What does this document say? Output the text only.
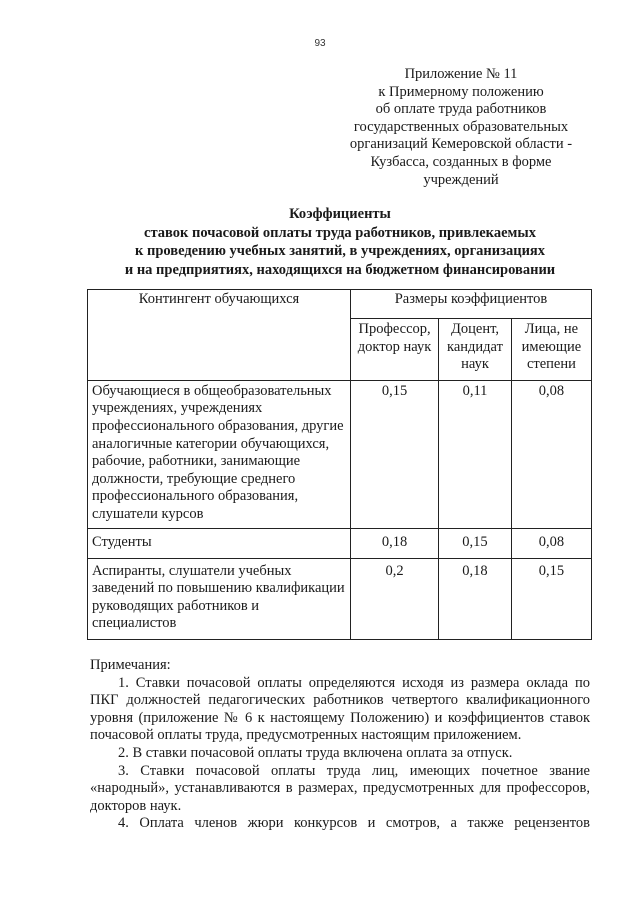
93
Приложение № 11
к Примерному положению
об оплате труда работников
государственных образовательных
организаций Кемеровской области -
Кузбасса, созданных в форме
учреждений
Коэффициенты
ставок почасовой оплаты труда работников, привлекаемых
к проведению учебных занятий, в учреждениях, организациях
и на предприятиях, находящихся на бюджетном финансировании
Контингент обучающихся	Размеры коэффициентов		
	Профессор, доктор наук	Доцент, кандидат наук	Лица, не имеющие степени
Обучающиеся в общеобразовательных учреждениях, учреждениях профессионального образования, другие аналогичные категории обучающихся, рабочие, работники, занимающие должности, требующие среднего профессионального образования, слушатели курсов	0,15	0,11	0,08
Студенты	0,18	0,15	0,08
Аспиранты, слушатели учебных заведений по повышению квалификации руководящих работников и специалистов	0,2	0,18	0,15
Примечания:
1. Ставки почасовой оплаты определяются исходя из размера оклада по ПКГ должностей педагогических работников четвертого квалификационного уровня (приложение № 6 к настоящему Положению) и коэффициентов ставок почасовой оплаты труда, предусмотренных настоящим приложением.
2. В ставки почасовой оплаты труда включена оплата за отпуск.
3. Ставки почасовой оплаты труда лиц, имеющих почетное звание «народный», устанавливаются в размерах, предусмотренных для профессоров, докторов наук.
4. Оплата членов жюри конкурсов и смотров, а также рецензентов
